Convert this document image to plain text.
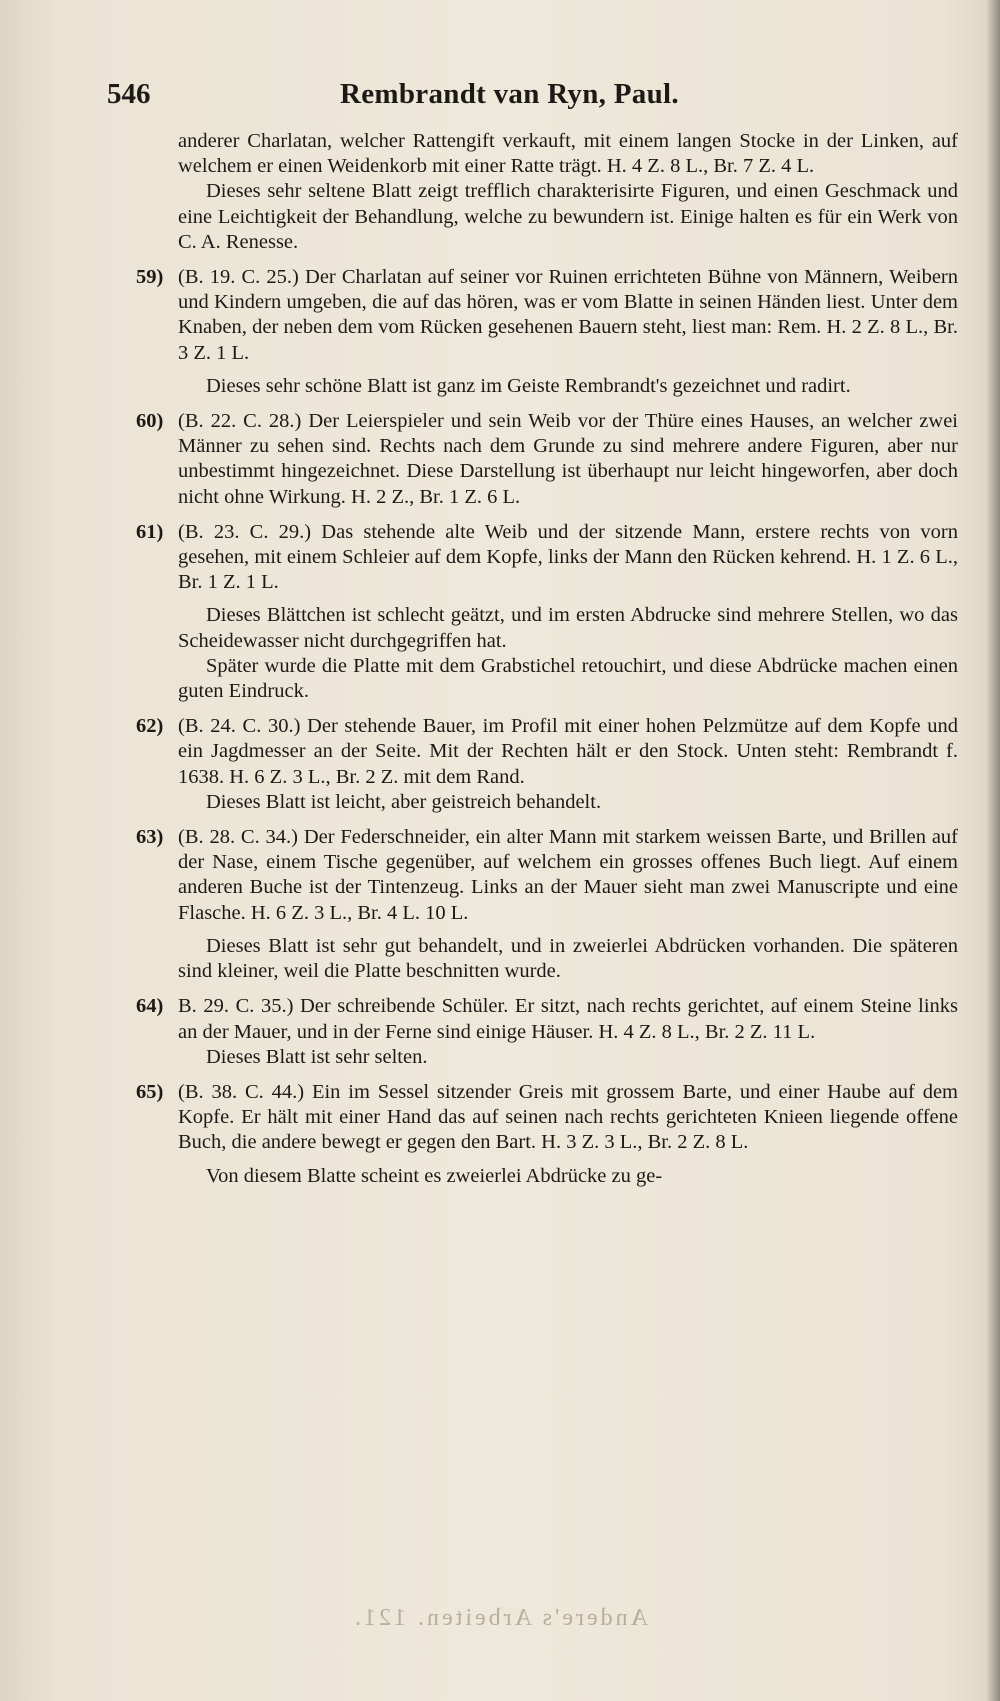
546	Rembrandt van Ryn, Paul.

anderer Charlatan, welcher Rattengift verkauft, mit einem langen Stocke in der Linken, auf welchem er einen Weidenkorb mit einer Ratte trägt. H. 4 Z. 8 L., Br. 7 Z. 4 L.

Dieses sehr seltene Blatt zeigt trefflich charakterisirte Figuren, und einen Geschmack und eine Leichtigkeit der Behandlung, welche zu bewundern ist. Einige halten es für ein Werk von C. A. Renesse.

59) (B. 19. C. 25.) Der Charlatan auf seiner vor Ruinen errichteten Bühne von Männern, Weibern und Kindern umgeben, die auf das hören, was er vom Blatte in seinen Händen liest. Unter dem Knaben, der neben dem vom Rücken gesehenen Bauern steht, liest man: Rem. H. 2 Z. 8 L., Br. 3 Z. 1 L.

Dieses sehr schöne Blatt ist ganz im Geiste Rembrandt's gezeichnet und radirt.

60) (B. 22. C. 28.) Der Leierspieler und sein Weib vor der Thüre eines Hauses, an welcher zwei Männer zu sehen sind. Rechts nach dem Grunde zu sind mehrere andere Figuren, aber nur unbestimmt hingezeichnet. Diese Darstellung ist überhaupt nur leicht hingeworfen, aber doch nicht ohne Wirkung. H. 2 Z., Br. 1 Z. 6 L.

61) (B. 23. C. 29.) Das stehende alte Weib und der sitzende Mann, erstere rechts von vorn gesehen, mit einem Schleier auf dem Kopfe, links der Mann den Rücken kehrend. H. 1 Z. 6 L., Br. 1 Z. 1 L.

Dieses Blättchen ist schlecht geätzt, und im ersten Abdrucke sind mehrere Stellen, wo das Scheidewasser nicht durchgegriffen hat.

Später wurde die Platte mit dem Grabstichel retouchirt, und diese Abdrücke machen einen guten Eindruck.

62) (B. 24. C. 30.) Der stehende Bauer, im Profil mit einer hohen Pelzmütze auf dem Kopfe und ein Jagdmesser an der Seite. Mit der Rechten hält er den Stock. Unten steht: Rembrandt f. 1638. H. 6 Z. 3 L., Br. 2 Z. mit dem Rand.

Dieses Blatt ist leicht, aber geistreich behandelt.

63) (B. 28. C. 34.) Der Federschneider, ein alter Mann mit starkem weissen Barte, und Brillen auf der Nase, einem Tische gegenüber, auf welchem ein grosses offenes Buch liegt. Auf einem anderen Buche ist der Tintenzeug. Links an der Mauer sieht man zwei Manuscripte und eine Flasche. H. 6 Z. 3 L., Br. 4 L. 10 L.

Dieses Blatt ist sehr gut behandelt, und in zweierlei Abdrücken vorhanden. Die späteren sind kleiner, weil die Platte beschnitten wurde.

64) B. 29. C. 35.) Der schreibende Schüler. Er sitzt, nach rechts gerichtet, auf einem Steine links an der Mauer, und in der Ferne sind einige Häuser. H. 4 Z. 8 L., Br. 2 Z. 11 L.

Dieses Blatt ist sehr selten.

65) (B. 38. C. 44.) Ein im Sessel sitzender Greis mit grossem Barte, und einer Haube auf dem Kopfe. Er hält mit einer Hand das auf seinen nach rechts gerichteten Knieen liegende offene Buch, die andere bewegt er gegen den Bart. H. 3 Z. 3 L., Br. 2 Z. 8 L.

Von diesem Blatte scheint es zweierlei Abdrücke zu ge-

Andere's Arbeiten. 121.
